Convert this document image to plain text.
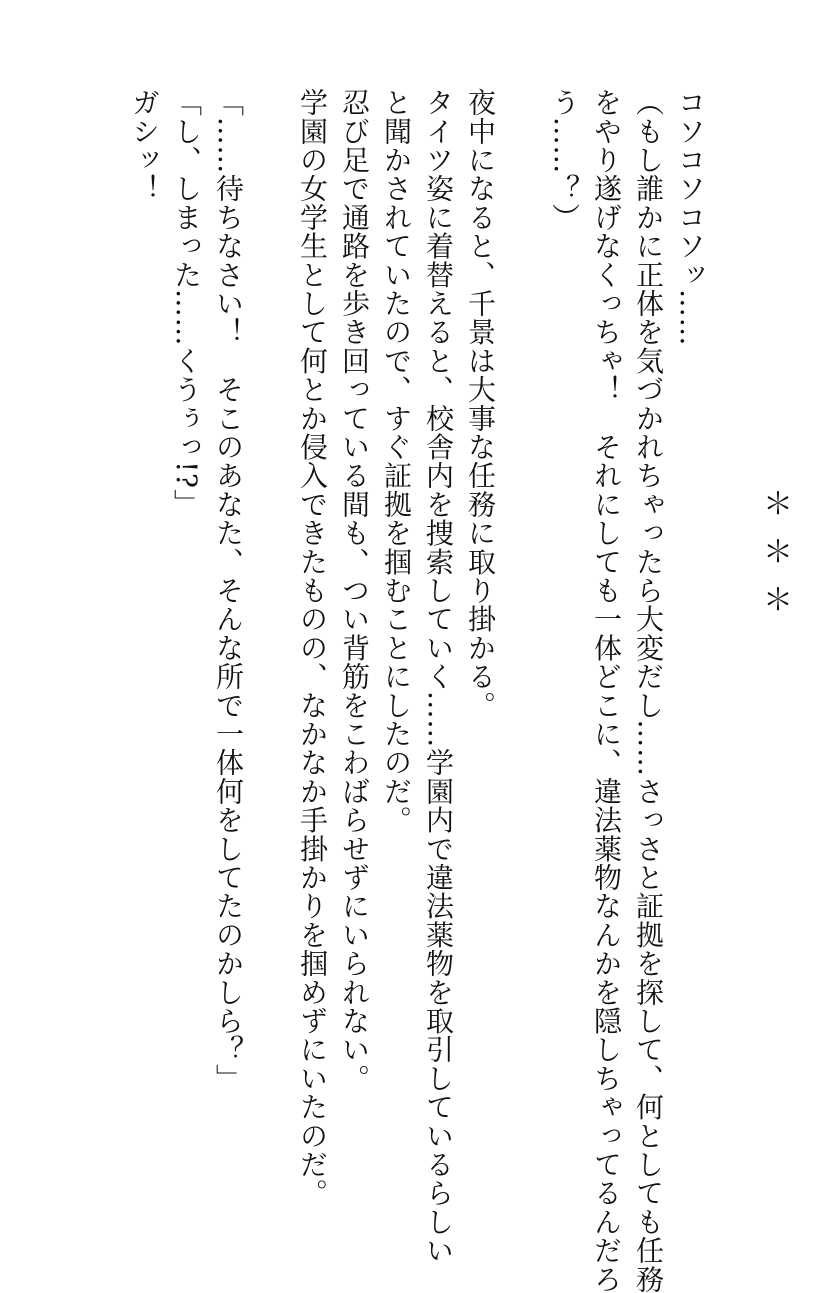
＊＊＊
コソコソコソッ……
（もし誰かに正体を気づかれちゃったら大変だし……さっさと証拠を探して、何としても任務
をやり遂げなくっちゃ！　それにしても一体どこに、違法薬物なんかを隠しちゃってるんだろ
う……？）
夜中になると、千景は大事な任務に取り掛かる。
タイツ姿に着替えると、校舎内を捜索していく……学園内で違法薬物を取引しているらしい
と聞かされていたので、すぐ証拠を掴むことにしたのだ。
忍び足で通路を歩き回っている間も、つい背筋をこわばらせずにいられない。
学園の女学生として何とか侵入できたものの、なかなか手掛かりを掴めずにいたのだ。
「……待ちなさい！　そこのあなた、そんな所で一体何をしてたのかしら？」
「し、しまった……くうぅっ!?」
ガシッ！
